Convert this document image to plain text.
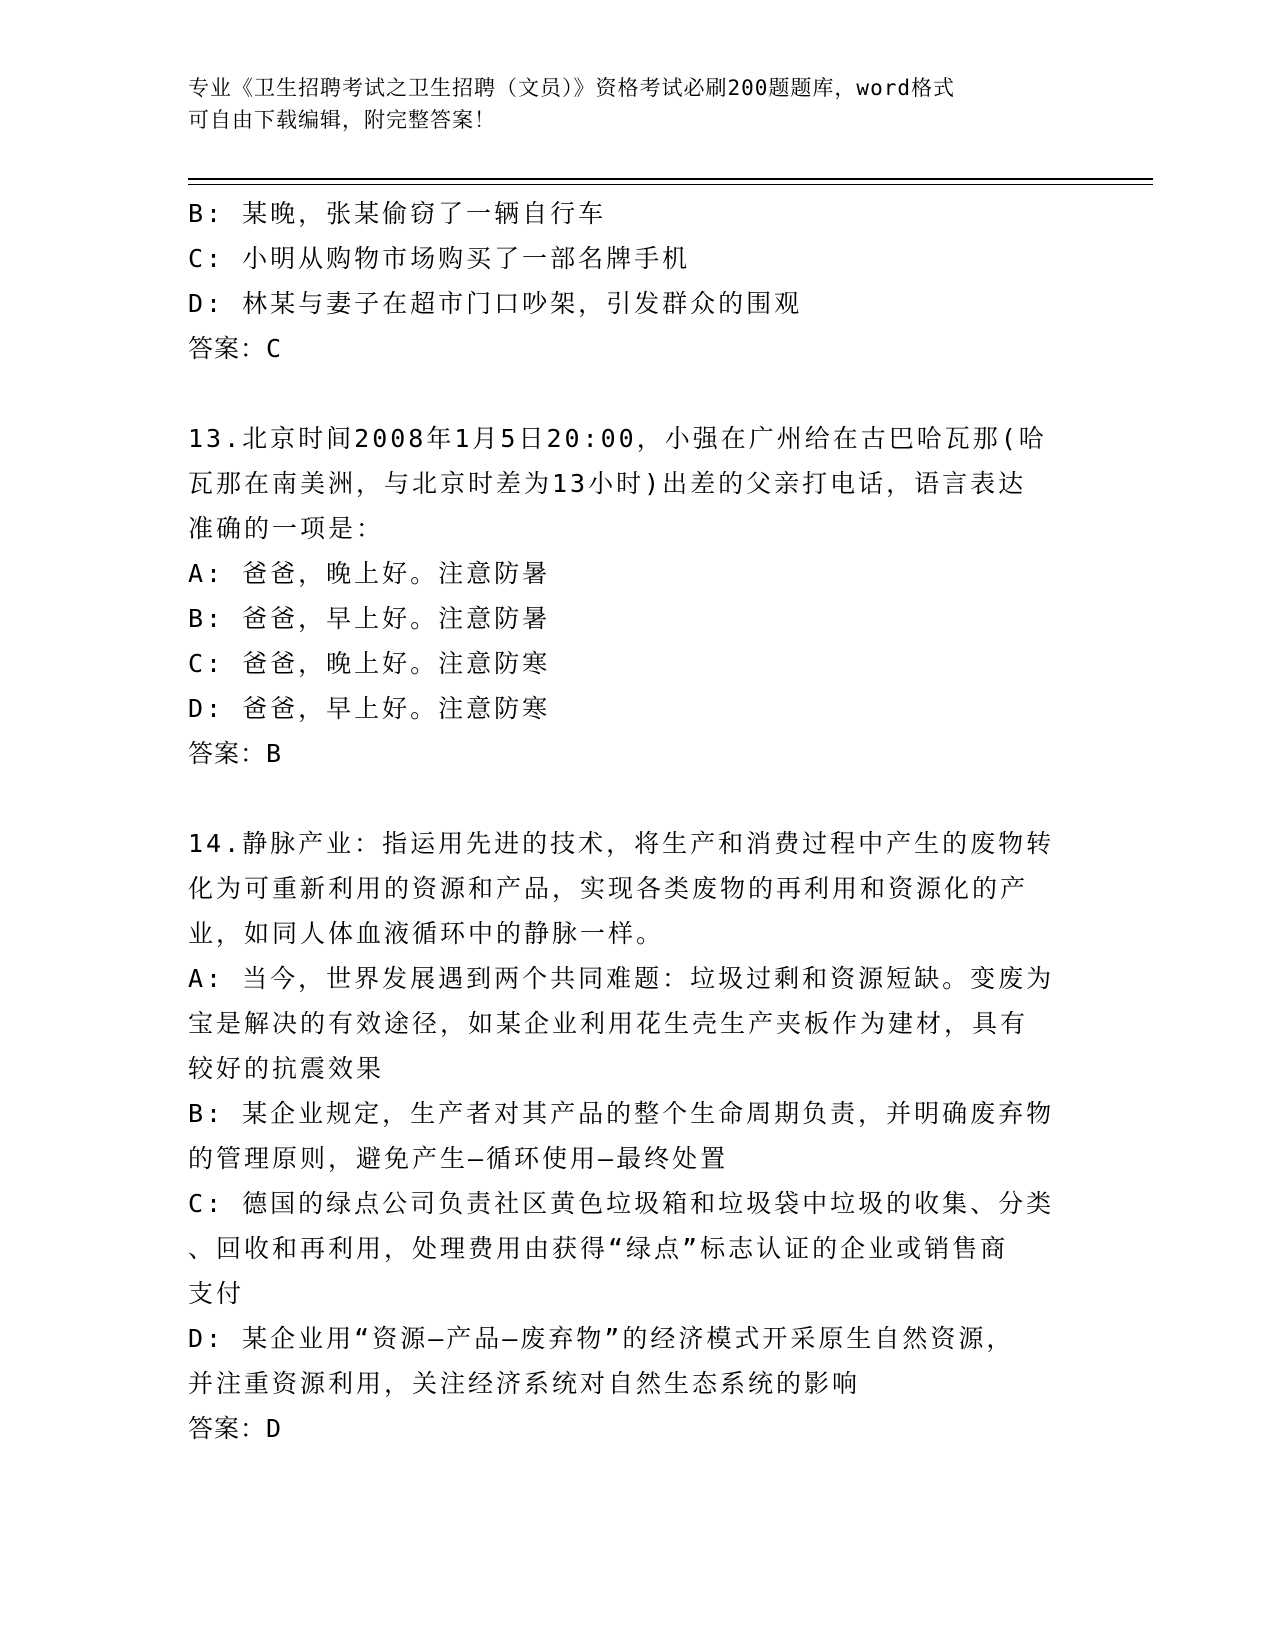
专业《卫生招聘考试之卫生招聘（文员）》资格考试必刷200题题库，word格式
可自由下载编辑，附完整答案！
B: 某晚，张某偷窃了一辆自行车
C: 小明从购物市场购买了一部名牌手机
D: 林某与妻子在超市门口吵架，引发群众的围观
答案：C
13.北京时间2008年1月5日20:00，小强在广州给在古巴哈瓦那(哈
瓦那在南美洲，与北京时差为13小时)出差的父亲打电话，语言表达
准确的一项是：
A: 爸爸，晚上好。注意防暑
B: 爸爸，早上好。注意防暑
C: 爸爸，晚上好。注意防寒
D: 爸爸，早上好。注意防寒
答案：B
14.静脉产业：指运用先进的技术，将生产和消费过程中产生的废物转
化为可重新利用的资源和产品，实现各类废物的再利用和资源化的产
业，如同人体血液循环中的静脉一样。
A: 当今，世界发展遇到两个共同难题：垃圾过剩和资源短缺。变废为
宝是解决的有效途径，如某企业利用花生壳生产夹板作为建材，具有
较好的抗震效果
B: 某企业规定，生产者对其产品的整个生命周期负责，并明确废弃物
的管理原则，避免产生—循环使用—最终处置
C: 德国的绿点公司负责社区黄色垃圾箱和垃圾袋中垃圾的收集、分类
、回收和再利用，处理费用由获得“绿点”标志认证的企业或销售商
支付
D: 某企业用“资源—产品—废弃物”的经济模式开采原生自然资源，
并注重资源利用，关注经济系统对自然生态系统的影响
答案：D
